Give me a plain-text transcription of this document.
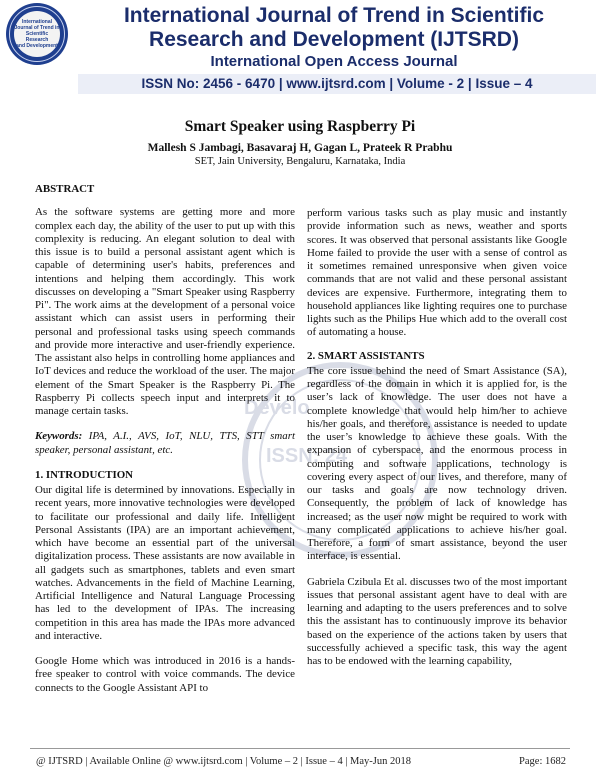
International
Journal of Trend in
Scientific Research
and Development
International Journal of Trend in Scientific
Research and Development (IJTSRD)
International Open Access Journal
ISSN No: 2456 - 6470 | www.ijtsrd.com | Volume - 2 | Issue – 4
Smart Speaker using Raspberry Pi
Mallesh S Jambagi, Basavaraj H, Gagan L, Prateek R Prabhu
SET, Jain University, Bengaluru, Karnataka, India
Develo
ISSN: 24
ABSTRACT
As the software systems are getting more and more complex each day, the ability of the user to put up with this complexity is reducing. An elegant solution to deal with this issue is to build a personal assistant agent which is capable of determining user's habits, preferences and intentions and helping them accordingly. This work discusses on developing a "Smart Speaker using Raspberry Pi". The work aims at the development of a personal voice assistant which can assist users in performing their personal and professional tasks using speech commands and provide more interactive and user-friendly experience. The assistant also helps in controlling home appliances and IoT devices and reduce the workload of the user. The major element of the Smart Speaker is the Raspberry Pi. The Raspberry Pi collects speech input and interprets it to manage certain tasks.
Keywords: IPA, A.I., AVS, IoT, NLU, TTS, STT smart speaker, personal assistant, etc.
1. INTRODUCTION
Our digital life is determined by innovations. Especially in recent years, more innovative technologies were developed to facilitate our professional and daily life. Intelligent Personal Assistants (IPA) are an important achievement, which have become an essential part of the universal digitalization process. These assistants are now available in all gadgets such as smartphones, tablets and even smart watches. Advancements in the field of Machine Learning, Artificial Intelligence and Natural Language Processing has led to the development of IPAs. The increasing competition in this area has made the IPAs more advanced and interactive.
Google Home which was introduced in 2016 is a hands-free speaker to control with voice commands. The device connects to the Google Assistant API to
perform various tasks such as play music and instantly provide information such as news, weather and sports scores. It was observed that personal assistants like Google Home failed to provide the user with a sense of control as it sometimes remained unresponsive when given voice commands that are not valid and these personal assistant devices are expensive. Furthermore, integrating them to household appliances like lighting requires one to purchase lights such as the Philips Hue which add to the overall cost of automating a house.
2. SMART ASSISTANTS
The core issue behind the need of Smart Assistance (SA), regardless of the domain in which it is applied for, is the user’s lack of knowledge. The user does not have a complete knowledge that would help him/her to achieve his/her goals, and therefore, assistance is needed to update the user’s knowledge to achieve these goals. With the expansion of cyberspace, and the enormous process in computing and software applications, technology is covering every aspect of our lives, and therefore, many of our tasks and goals are now technology driven. Consequently, the problem of lack of knowledge has increased; as the user now might be required to work with many complicated applications to achieve his/her goal. Therefore, a form of smart assistance, beyond the user interface, is essential.
Gabriela Czibula Et al. discusses two of the most important issues that personal assistant agent have to deal with are learning and adapting to the users preferences and to solve this the assistant has to continuously improve its behavior based on the experience of the actions taken by users that successfully achieved a specific task, this way the agent has to be endowed with the learning capability,
@ IJTSRD | Available Online @ www.ijtsrd.com | Volume – 2 | Issue – 4 | May-Jun 2018	Page: 1682
